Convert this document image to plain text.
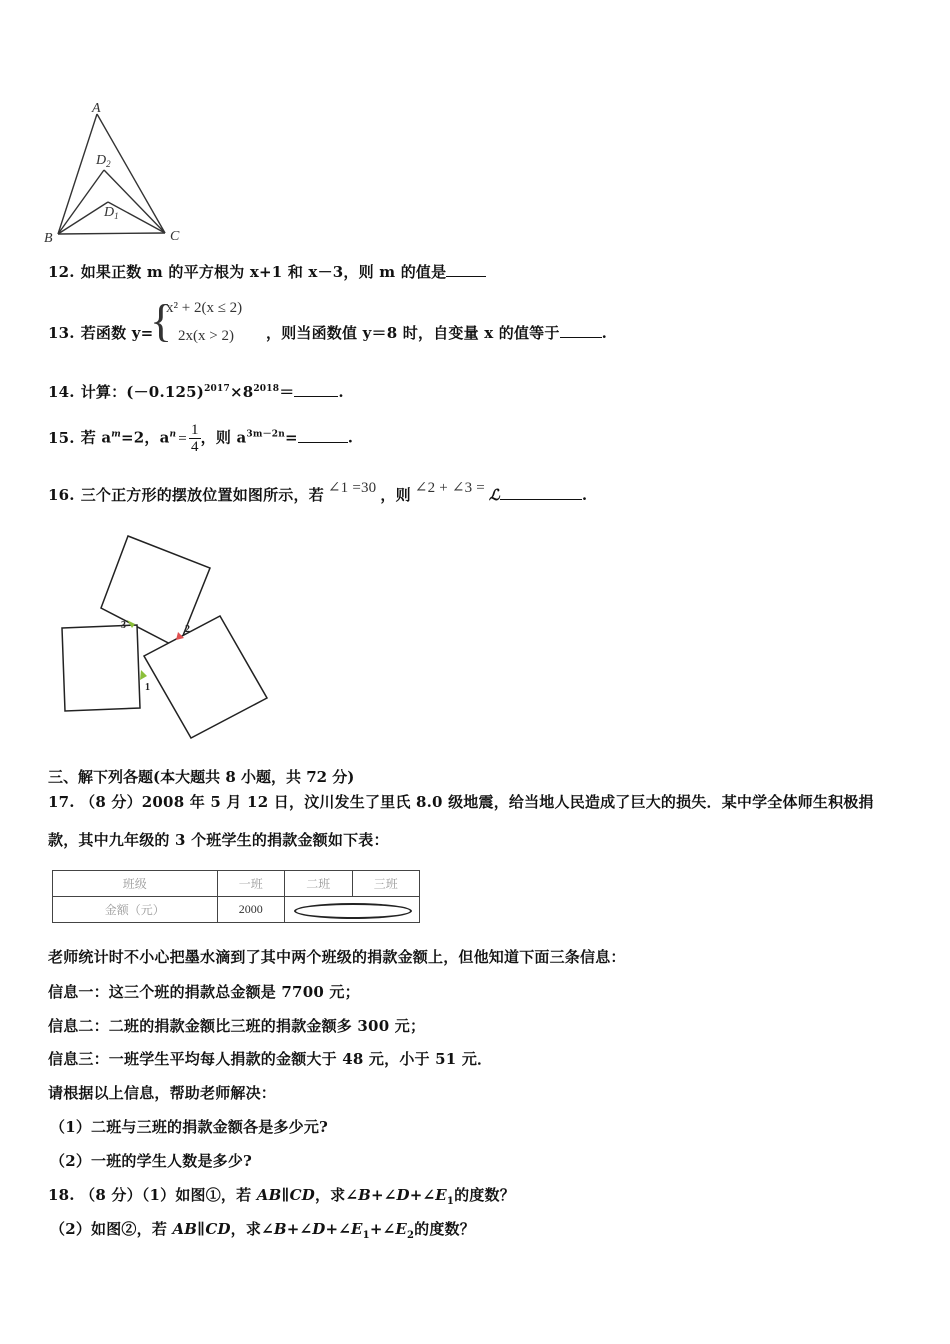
A
$D_2$
$D_1$
B	C
12. 如果正数 m 的平方根为 x+1 和 x－3，则 m 的值是
13. 若函数 y=
{
x² + 2(x ≤ 2)
2x(x > 2) ，则当函数值 y＝8 时，自变量 x 的值等于	.
14. 计算：$(-0.125)^{2017}\times 8^{2018}=$	.
15. 若 $a^m=2$，$a^n = \frac{1}{4}$ ，则 $a^{3m-2n}=$	.
16. 三个正方形的摆放位置如图所示，若 ∠1 =30 ，则 ∠2 + ∠3 = ℒ	.
3	2
1
三、解下列各题(本大题共 8 小题，共 72 分)
17. （8 分）2008 年 5 月 12 日，汶川发生了里氏 8.0 级地震，给当地人民造成了巨大的损失．某中学全体师生积极捐
款，其中九年级的 3 个班学生的捐款金额如下表：
班级	一班	二班	三班
金额（元）	2000		
老师统计时不小心把墨水滴到了其中两个班级的捐款金额上，但他知道下面三条信息：
信息一：这三个班的捐款总金额是 7700 元；
信息二：二班的捐款金额比三班的捐款金额多 300 元；
信息三：一班学生平均每人捐款的金额大于 48 元，小于 51 元．
请根据以上信息，帮助老师解决：
（1）二班与三班的捐款金额各是多少元?
（2）一班的学生人数是多少?
18. （8 分）（1）如图①，若 AB∥CD，求$\angle B+\angle D+\angle E_1$的度数？
（2）如图②，若 AB∥CD，求$\angle B+\angle D+\angle E_1+\angle E_2$的度数？
